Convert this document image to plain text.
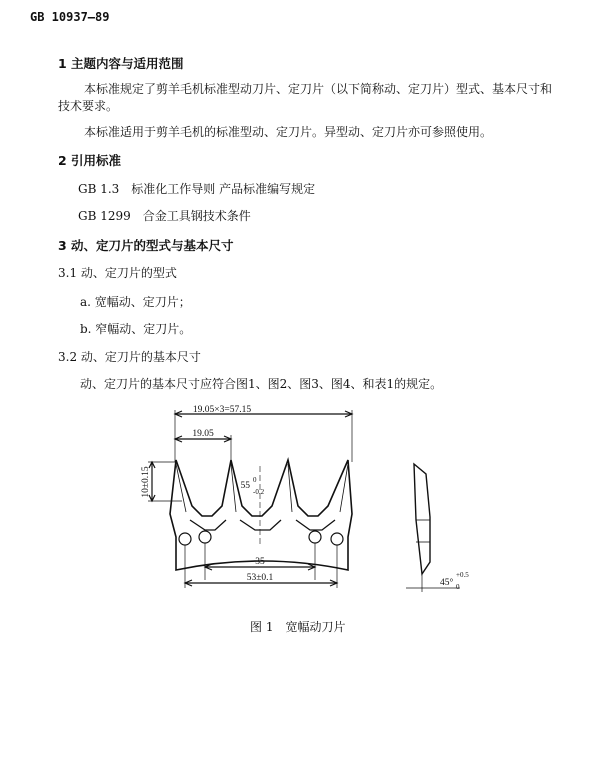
GB 10937—89
1 主题内容与适用范围
本标准规定了剪羊毛机标准型动刀片、定刀片（以下简称动、定刀片）型式、基本尺寸和
技术要求。
本标准适用于剪羊毛机的标准型动、定刀片。异型动、定刀片亦可参照使用。
2 引用标准
GB 1.3　标准化工作导则 产品标准编写规定
GB 1299　合金工具钢技术条件
3 动、定刀片的型式与基本尺寸
3.1 动、定刀片的型式
a. 宽幅动、定刀片；
b. 窄幅动、定刀片。
3.2 动、定刀片的基本尺寸
动、定刀片的基本尺寸应符合图1、图2、图3、图4、和表1的规定。
19.05×3=57.15
19.05
10±0.15	55
0
-0.2
35
53±0.1	45°
+0.5
0
图 1　宽幅动刀片
